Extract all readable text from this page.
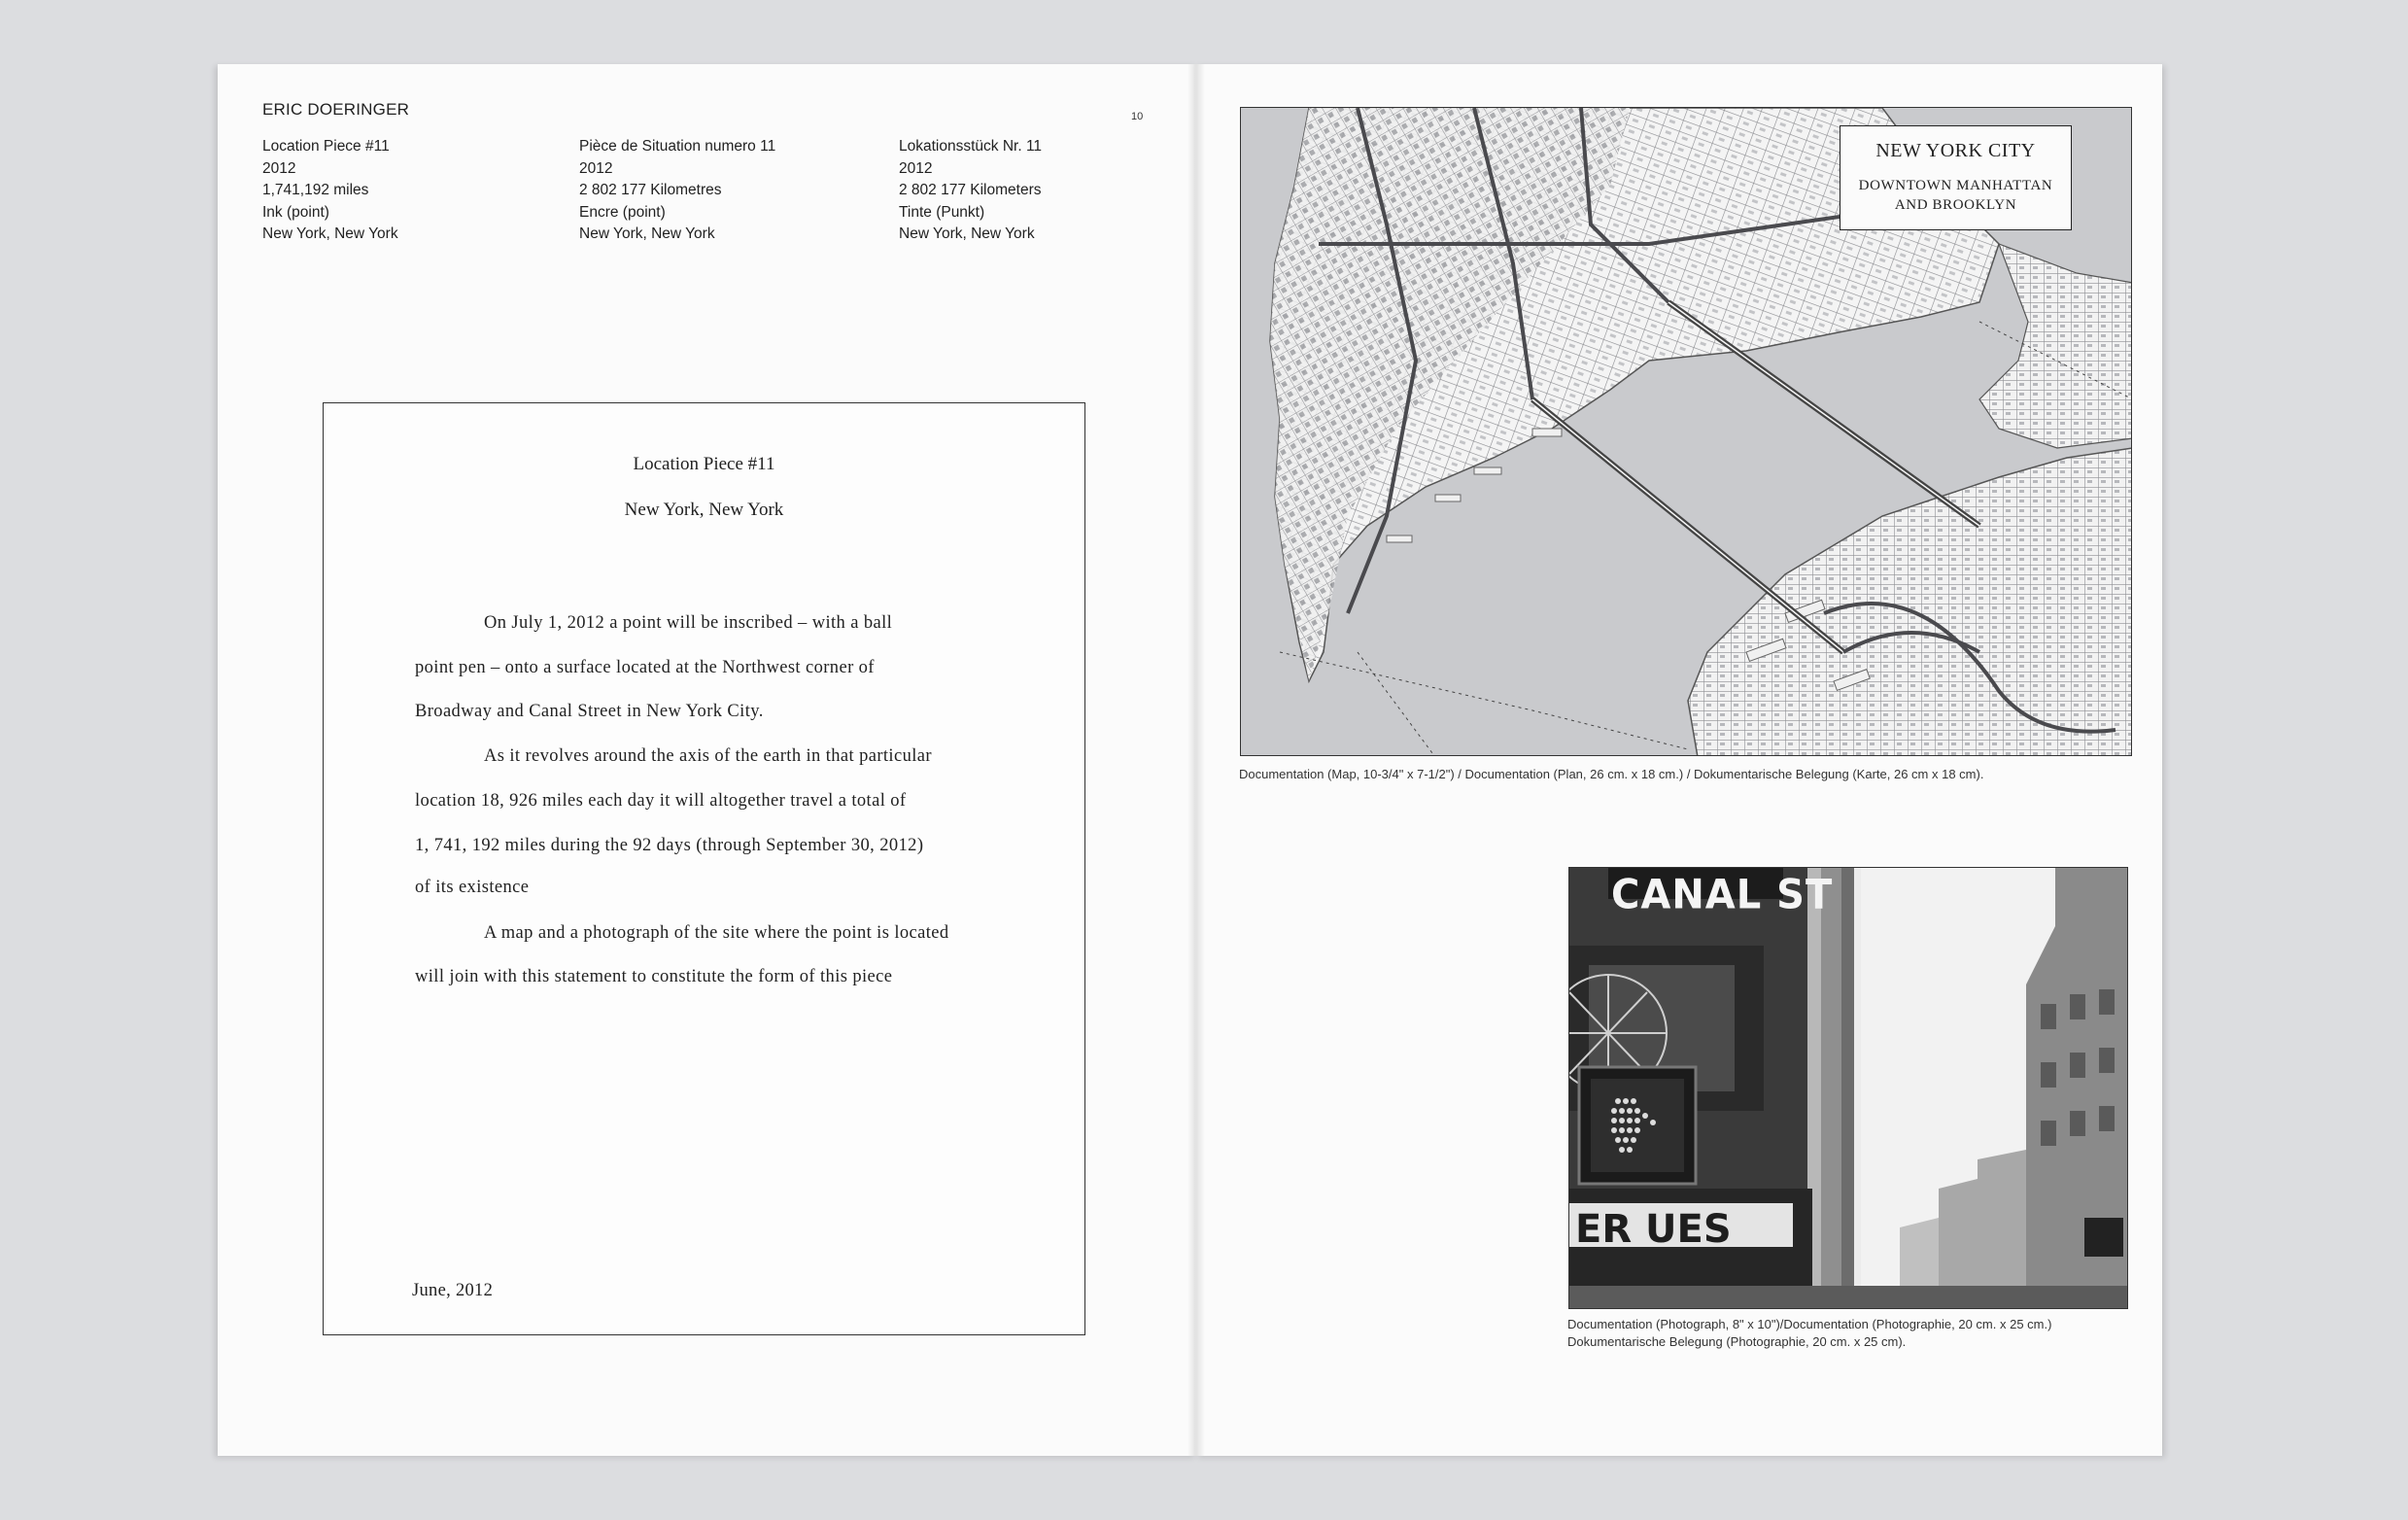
ERIC DOERINGER	10
Location Piece #11
2012
1,741,192 miles
Ink (point)
New York, New York
Pièce de Situation numero 11
2012
2 802 177 Kilometres
Encre (point)
New York, New York
Lokationsstück Nr. 11
2012
2 802 177 Kilometers
Tinte (Punkt)
New York, New York
Location Piece #11
New York, New York
On July 1, 2012 a point will be inscribed – with a ball
point pen – onto a surface located at the Northwest corner of
Broadway and Canal Street in New York City.
As it revolves around the axis of the earth in that particular
location 18, 926 miles each day it will altogether travel a total of
1, 741, 192 miles during the 92 days (through September 30, 2012)
of its existence
A map and a photograph of the site where the point is located
will join with this statement to constitute the form of this piece
June, 2012
NEW YORK CITY
DOWNTOWN MANHATTAN
AND BROOKLYN
Documentation (Map, 10-3/4" x 7-1/2") / Documentation (Plan, 26 cm. x 18 cm.) / Dokumentarische Belegung (Karte, 26 cm x 18 cm).
ER UES
CANAL ST
Documentation (Photograph, 8" x 10")/Documentation (Photographie, 20 cm. x 25 cm.)
Dokumentarische Belegung (Photographie, 20 cm. x 25 cm).
